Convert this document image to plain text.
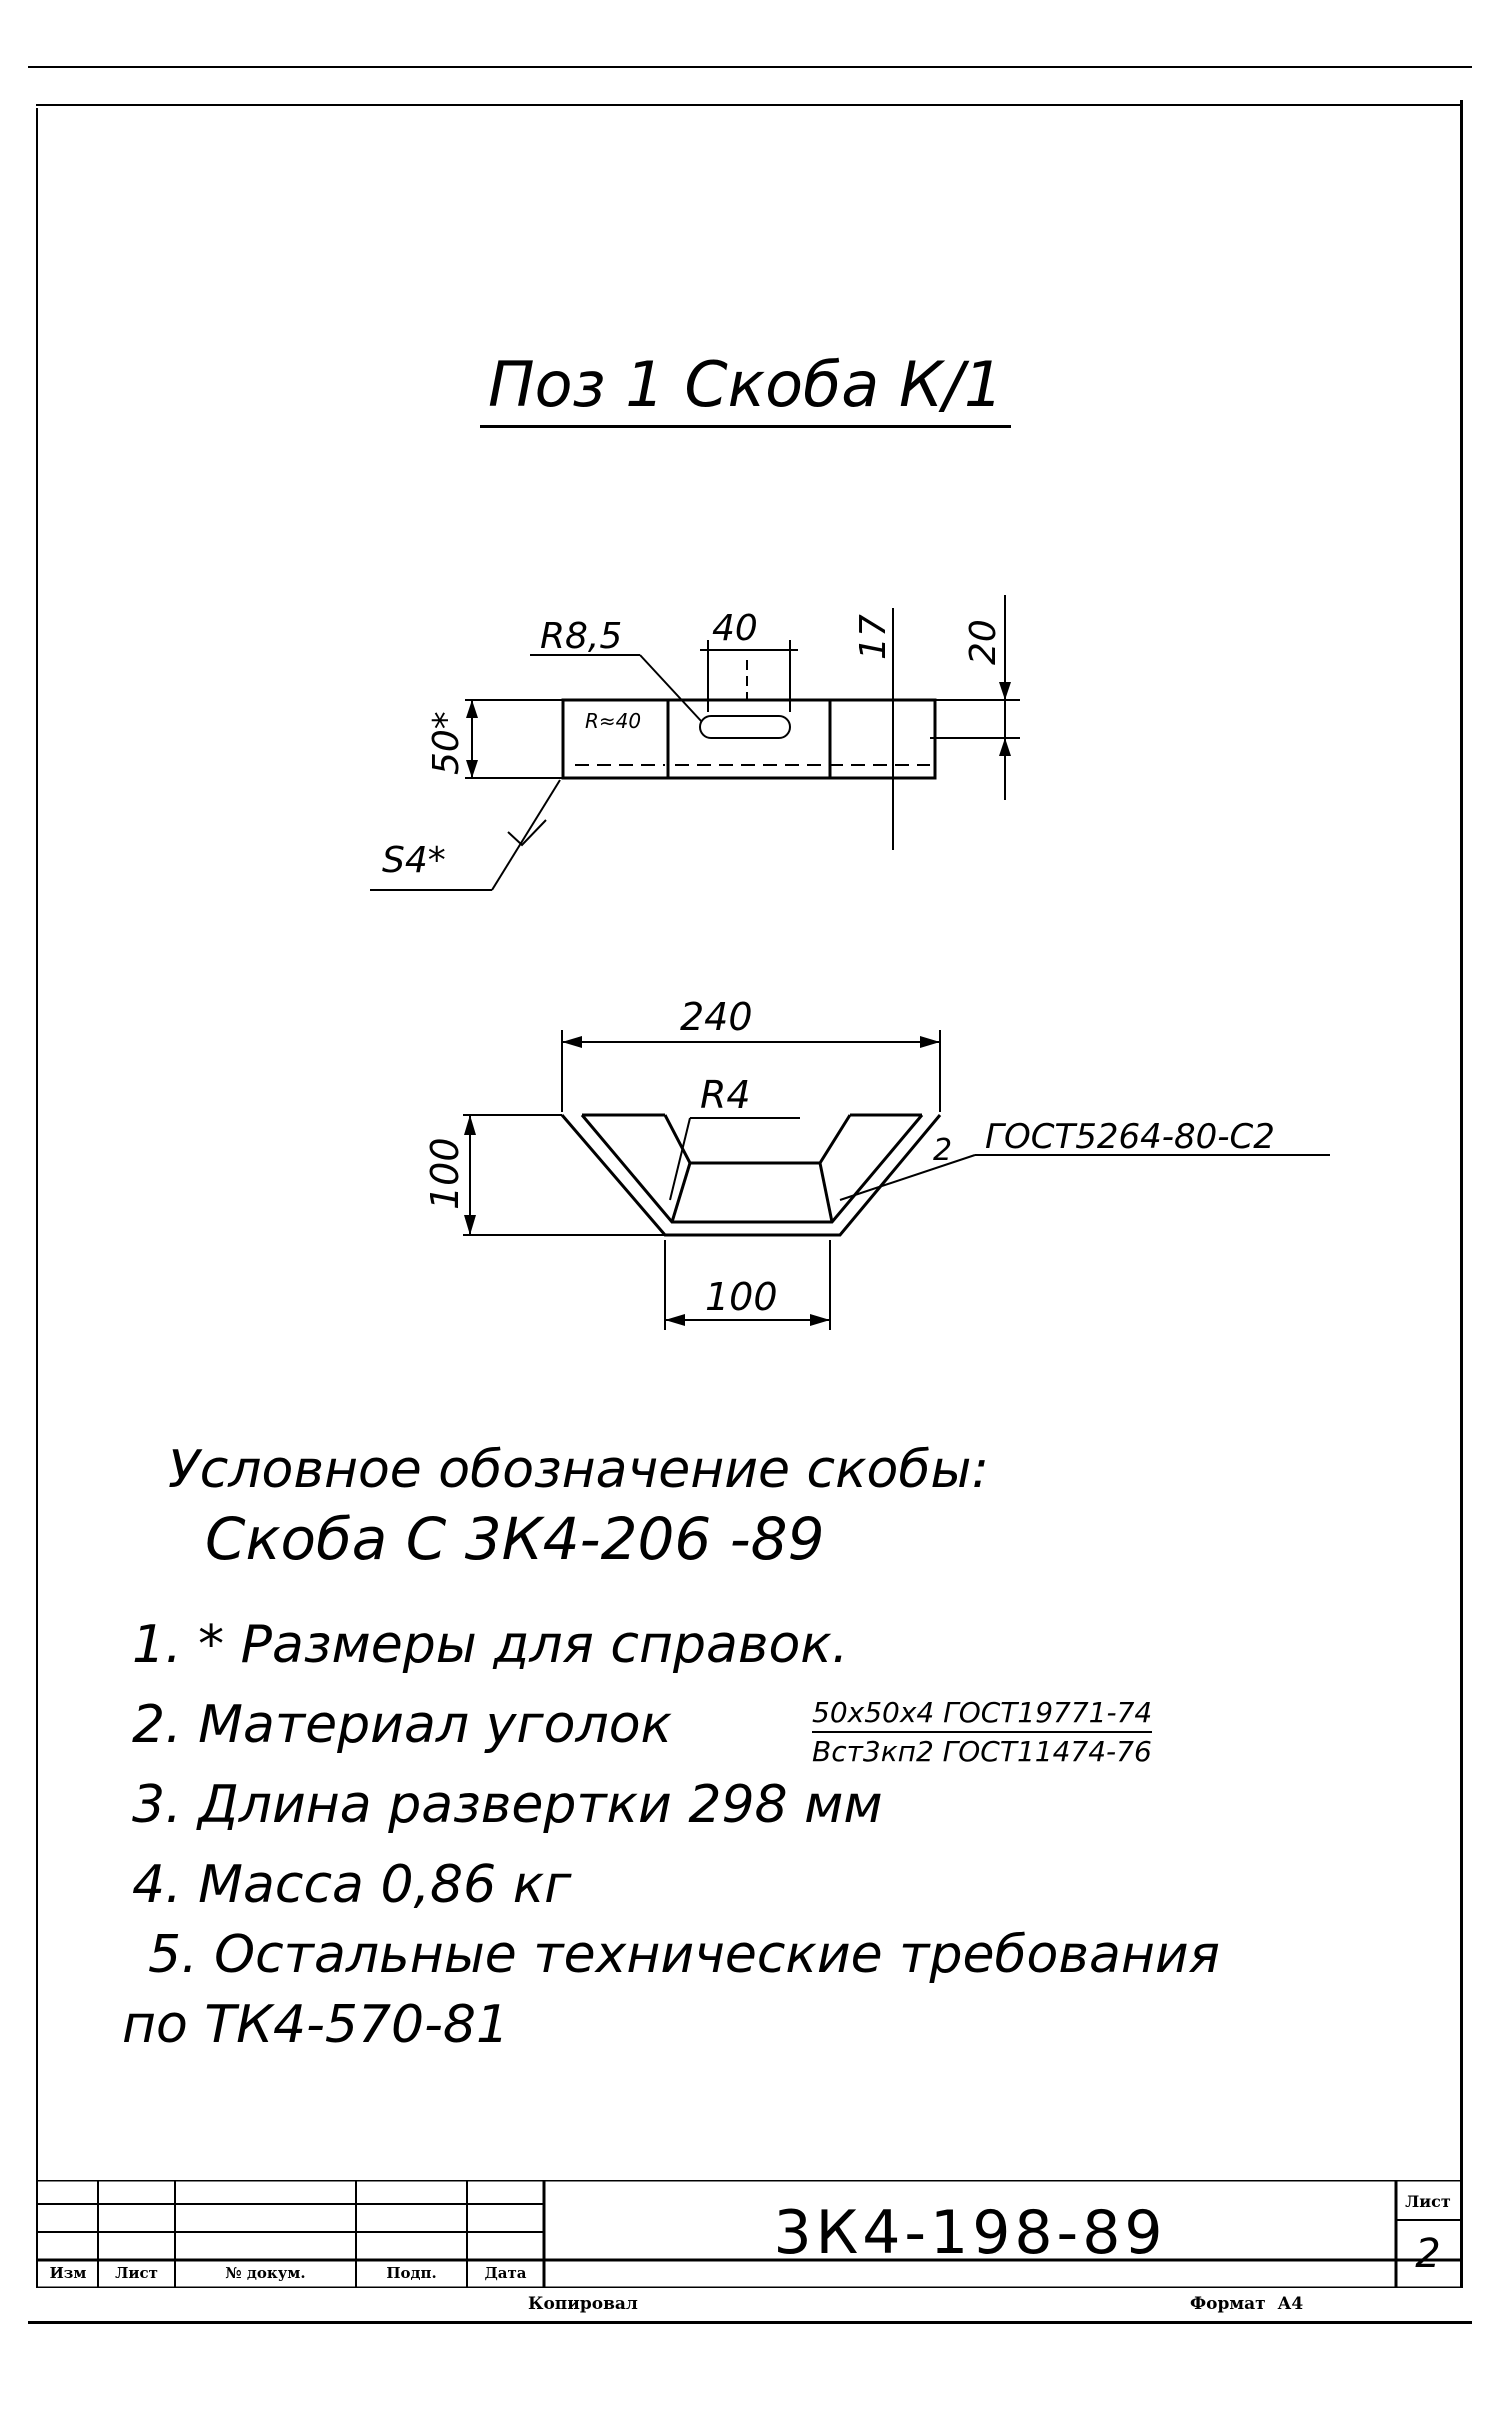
Поз 1 Скоба К/1
R8,5 40	17 20
50*	R≈40
S4*
240
R4
100
100
2 ГОСТ5264-80-С2
Условное обозначение скобы:
Скоба С 3К4-206 -89
1. * Размеры для справок.
2. Материал уголок	50x50x4 ГОСТ19771-74
Вст3кп2 ГОСТ11474-76
3. Длина развертки 298 мм
4. Масса 0,86 кг
5. Остальные технические требования
по ТК4-570-81
Изм	Лист	№ докум.	Подп.	Дата
3К4-198-89	Лист
2
Копировал	Формат  А4
